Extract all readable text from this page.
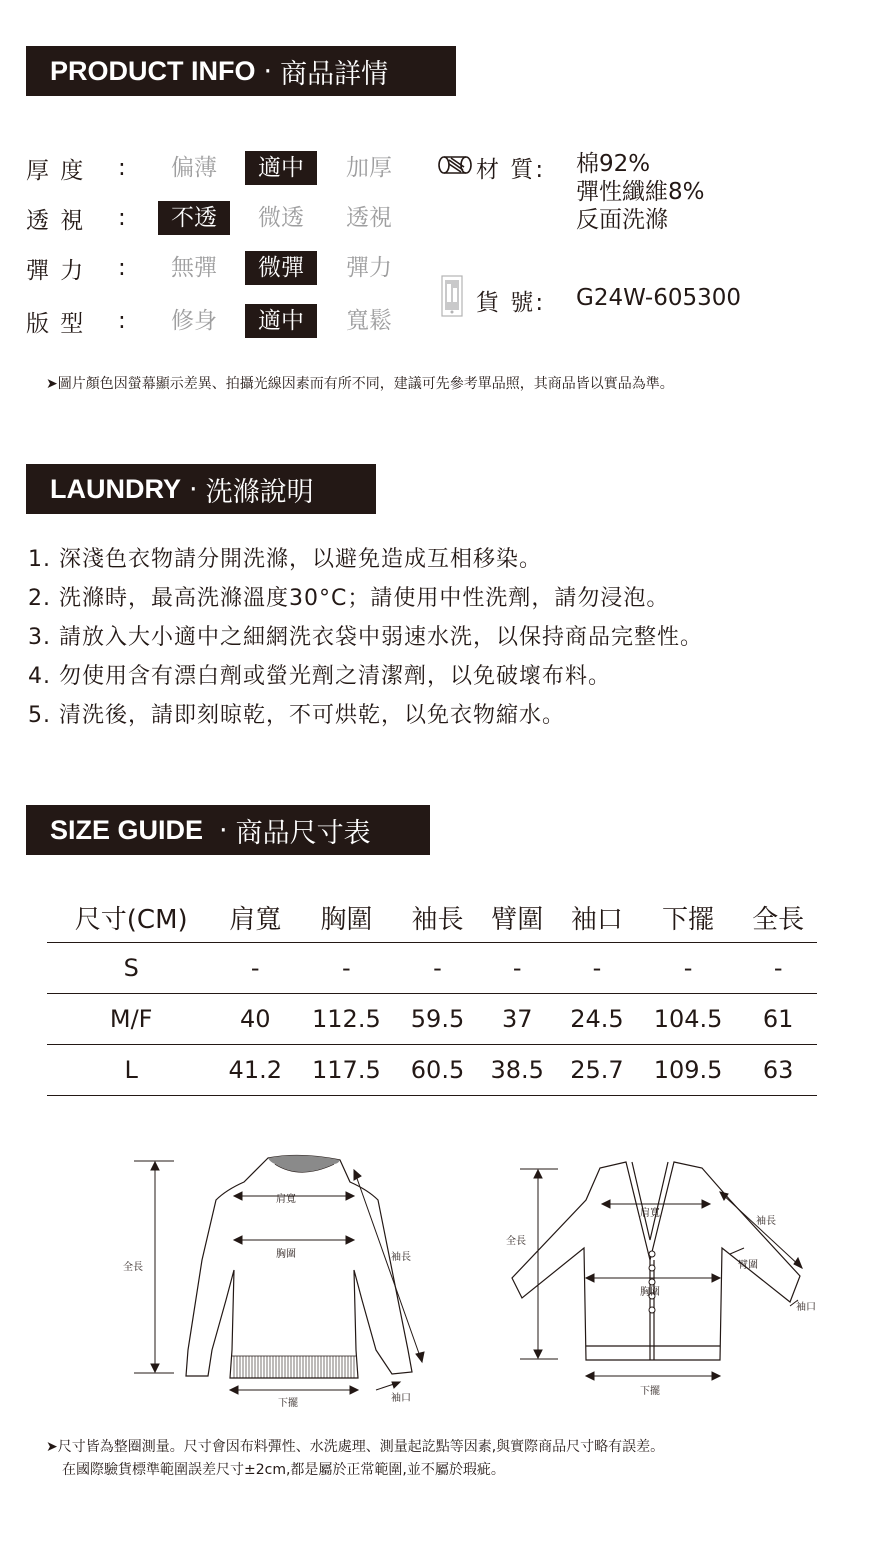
PRODUCT INFO · 商品詳情
厚 度	:	偏薄	適中	加厚
透 視	:	不透	微透	透視
彈 力	:	無彈	微彈	彈力
版 型	:	修身	適中	寬鬆
材 質: 棉92%
彈性纖維8%
反面洗滌
貨 號: G24W-605300
➤圖片顏色因螢幕顯示差異、拍攝光線因素而有所不同，建議可先參考單品照，其商品皆以實品為準。
LAUNDRY · 洗滌說明
1. 深淺色衣物請分開洗滌，以避免造成互相移染。
2. 洗滌時，最高洗滌溫度30°C；請使用中性洗劑，請勿浸泡。
3. 請放入大小適中之細網洗衣袋中弱速水洗，以保持商品完整性。
4. 勿使用含有漂白劑或螢光劑之清潔劑，以免破壞布料。
5. 清洗後，請即刻晾乾，不可烘乾，以免衣物縮水。
SIZE GUIDE · 商品尺寸表
尺寸(CM)	肩寬	胸圍	袖長	臂圍	袖口	下擺	全長
S	-	-	-	-	-	-	-
M/F	40	112.5	59.5	37	24.5	104.5	61
L	41.2	117.5	60.5	38.5	25.7	109.5	63
肩寬
胸圍	袖長
全長
下擺	袖口
肩寬
袖長
全長
臂圍
胸圍
袖口
下擺
➤尺寸皆為整圈測量。尺寸會因布料彈性、水洗處理、測量起訖點等因素,與實際商品尺寸略有誤差。
在國際驗貨標準範圍誤差尺寸±2cm,都是屬於正常範圍,並不屬於瑕疵。
